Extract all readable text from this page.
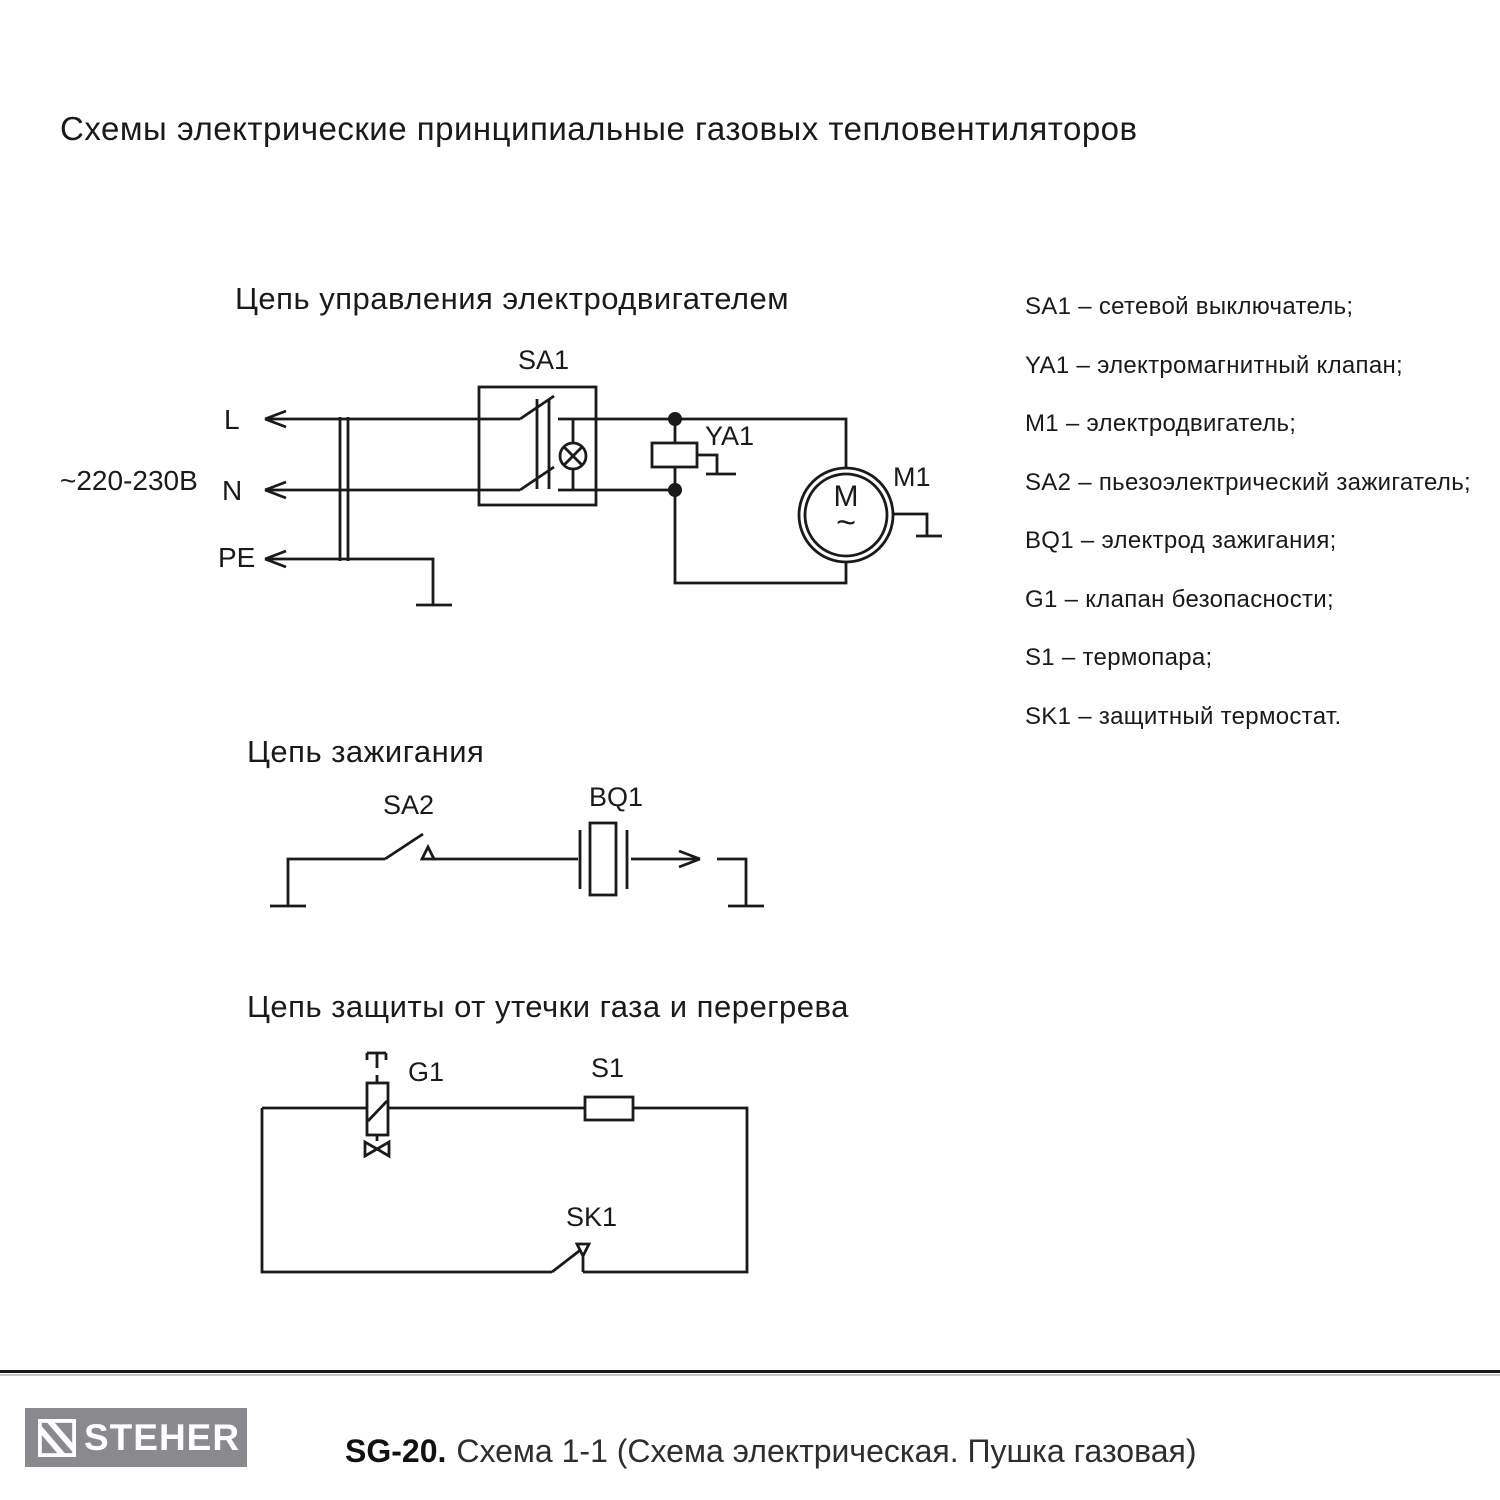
Схемы электрические принципиальные газовых тепловентиляторов
Цепь управления электродвигателем
SA1
~220-230В
L
N
PE
YA1
M1
M
~
Цепь зажигания
SA2	BQ1
Цепь защиты от утечки газа и перегрева
G1	S1
SK1
SA1 – сетевой выключатель;
YA1 – электромагнитный клапан;
M1 – электродвигатель;
SA2 – пьезоэлектрический зажигатель;
BQ1 – электрод зажигания;
G1 – клапан безопасности;
S1 – термопара;
SK1 – защитный термостат.
STEHER	SG-20. Схема 1-1 (Схема электрическая. Пушка газовая)
